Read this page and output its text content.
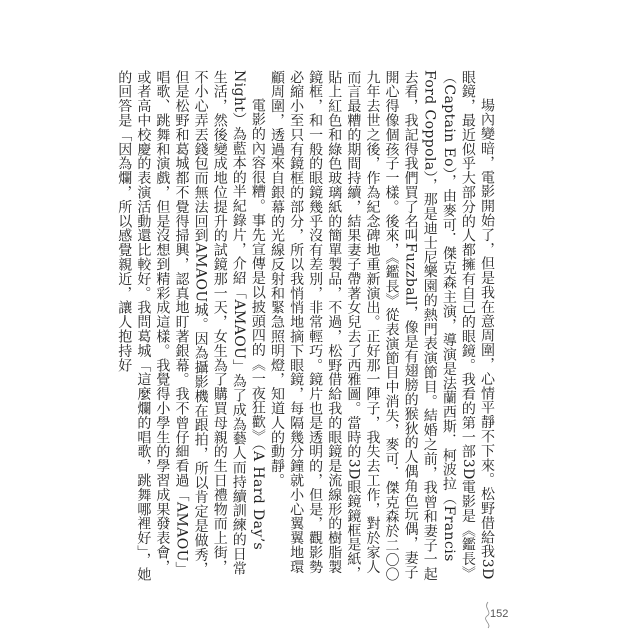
場內變暗，電影開始了，但是我在意周圍，心情平靜不下來。松野借給我3D眼鏡，最近似乎大部分的人都擁有自己的眼鏡。我看的第一部3D電影是《鑑長》（Captain Eo），由麥可．傑克森主演，導演是法蘭西斯．柯波拉（Francis Ford Coppola），那是迪士尼樂園的熱門表演節目。結婚之前，我曾和妻子一起去看，我記得我們買了名叫Fuzzball，像是有翅膀的猴狄的人偶角色玩偶，妻子開心得像個孩子一樣。後來，《鑑長》從表演節目中消失，麥可．傑克森於二〇〇九年去世之後，作為紀念碑地重新演出。正好那一陣子，我失去工作，對於家人而言最糟的期間持續，結果妻子帶著女兒去了西雅圖。當時的3D眼鏡鏡框是紙，貼上紅色和綠色玻璃紙的簡單製品，不過，松野借給我的眼鏡是流線形的樹脂製鏡框，和一般的眼鏡幾乎沒有差別，非常輕巧。鏡片也是透明的，但是，觀影勢必縮小至只有鏡框的部分，所以我悄悄地摘下眼鏡，每隔幾分鐘就小心翼翼地環顧周圍，透過來自銀幕的光線反射和緊急照明燈，知道人的動靜。

電影的內容很糟。事先宣傳是以披頭四的《一夜狂歡》（A Hard Day’s Night）為藍本的半紀錄片，介紹「AMAOU」為了成為藝人而持續訓練的日常生活，然後變成地位提升的試鏡那一天，女生為了購買母親的生日禮物而上街，不小心弄丟錢包而無法回到AMAOU城。因為攝影機在跟拍，所以肯定是做秀，但是松野和葛城都不覺得掃興，認真地盯著銀幕。我不曾仔細看過「AMAOU」唱歌、跳舞和演戲，但是沒想到精彩成這樣。我覺得小學生的學習成果發表會，或者高中校慶的表演活動還比較好。我問葛城「這麼爛的唱歌，跳舞哪裡好」，她的回答是「因為爛，所以感覺親近，讓人抱持好

152
